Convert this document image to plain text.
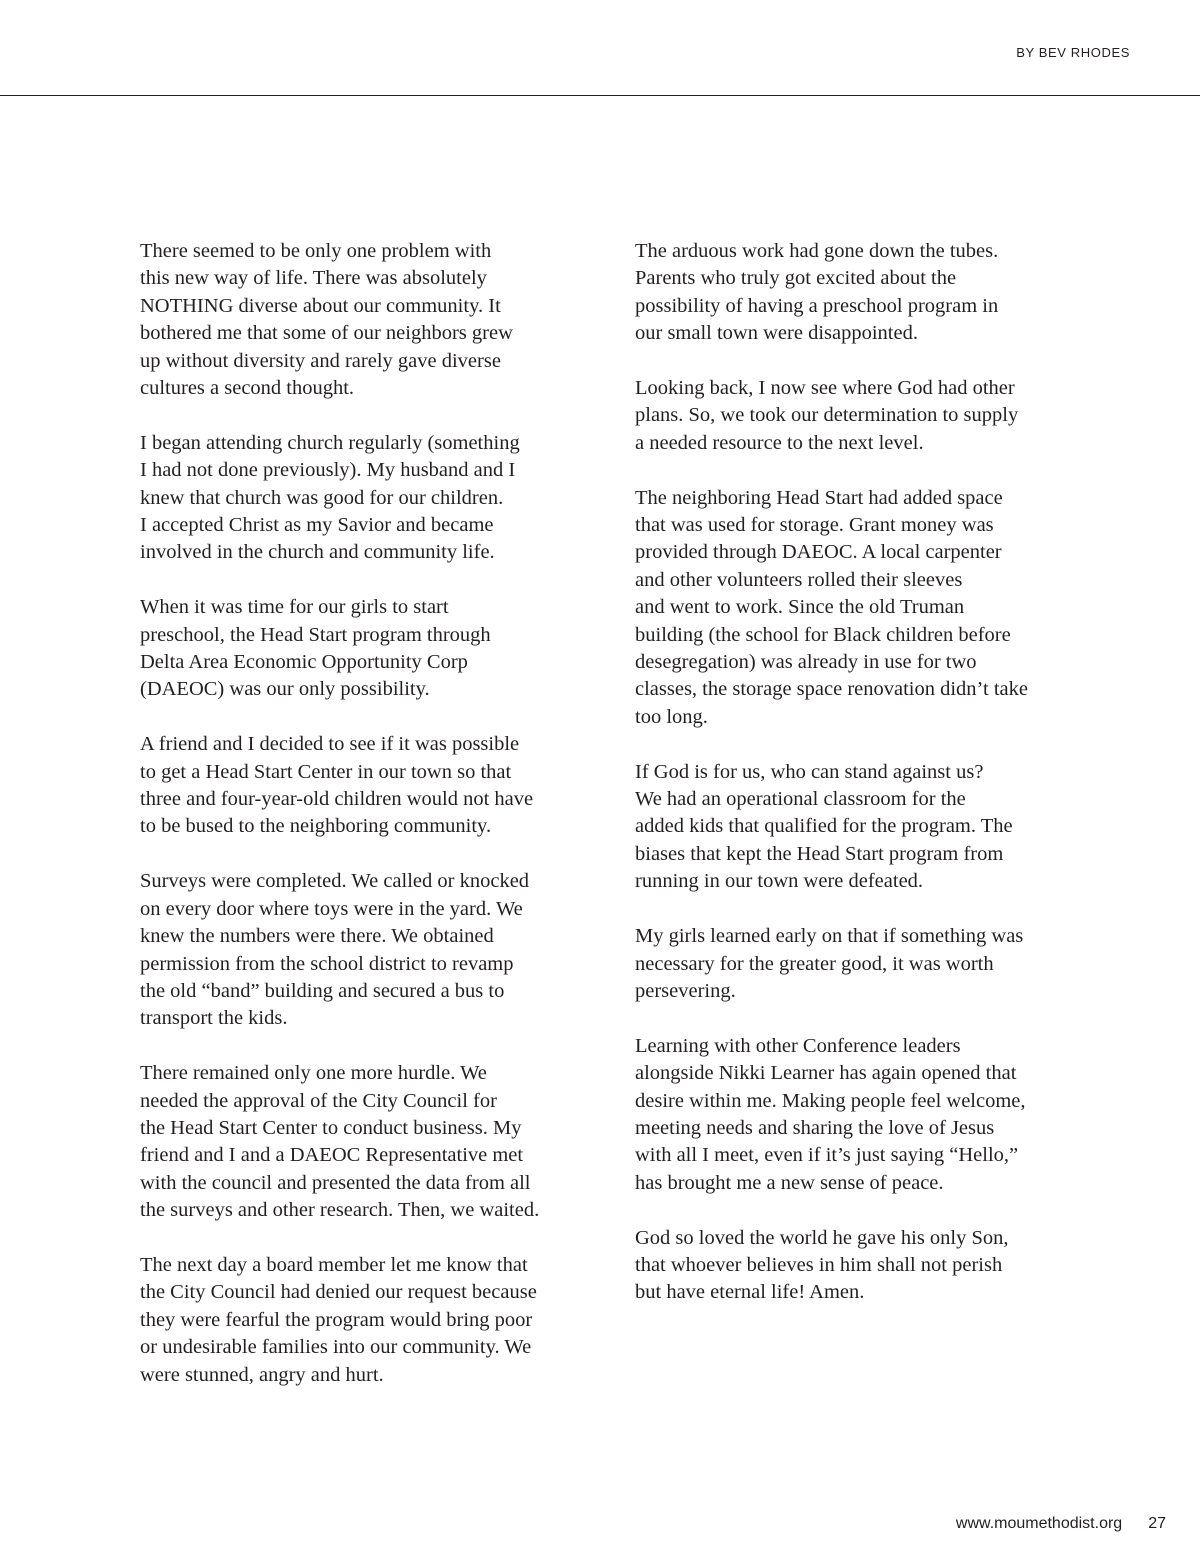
BY BEV RHODES

There seemed to be only one problem with
this new way of life. There was absolutely
NOTHING diverse about our community. It
bothered me that some of our neighbors grew
up without diversity and rarely gave diverse
cultures a second thought.

I began attending church regularly (something
I had not done previously). My husband and I
knew that church was good for our children.
I accepted Christ as my Savior and became
involved in the church and community life.

When it was time for our girls to start
preschool, the Head Start program through
Delta Area Economic Opportunity Corp
(DAEOC) was our only possibility.

A friend and I decided to see if it was possible
to get a Head Start Center in our town so that
three and four-year-old children would not have
to be bused to the neighboring community.

Surveys were completed. We called or knocked
on every door where toys were in the yard. We
knew the numbers were there. We obtained
permission from the school district to revamp
the old “band” building and secured a bus to
transport the kids.

There remained only one more hurdle. We
needed the approval of the City Council for
the Head Start Center to conduct business. My
friend and I and a DAEOC Representative met
with the council and presented the data from all
the surveys and other research. Then, we waited.

The next day a board member let me know that
the City Council had denied our request because
they were fearful the program would bring poor
or undesirable families into our community. We
were stunned, angry and hurt.

The arduous work had gone down the tubes.
Parents who truly got excited about the
possibility of having a preschool program in
our small town were disappointed.

Looking back, I now see where God had other
plans. So, we took our determination to supply
a needed resource to the next level.

The neighboring Head Start had added space
that was used for storage. Grant money was
provided through DAEOC. A local carpenter
and other volunteers rolled their sleeves
and went to work. Since the old Truman
building (the school for Black children before
desegregation) was already in use for two
classes, the storage space renovation didn’t take
too long.

If God is for us, who can stand against us?
We had an operational classroom for the
added kids that qualified for the program. The
biases that kept the Head Start program from
running in our town were defeated.

My girls learned early on that if something was
necessary for the greater good, it was worth
persevering.

Learning with other Conference leaders
alongside Nikki Learner has again opened that
desire within me. Making people feel welcome,
meeting needs and sharing the love of Jesus
with all I meet, even if it’s just saying “Hello,”
has brought me a new sense of peace.

God so loved the world he gave his only Son,
that whoever believes in him shall not perish
but have eternal life! Amen.

www.moumethodist.org 27
